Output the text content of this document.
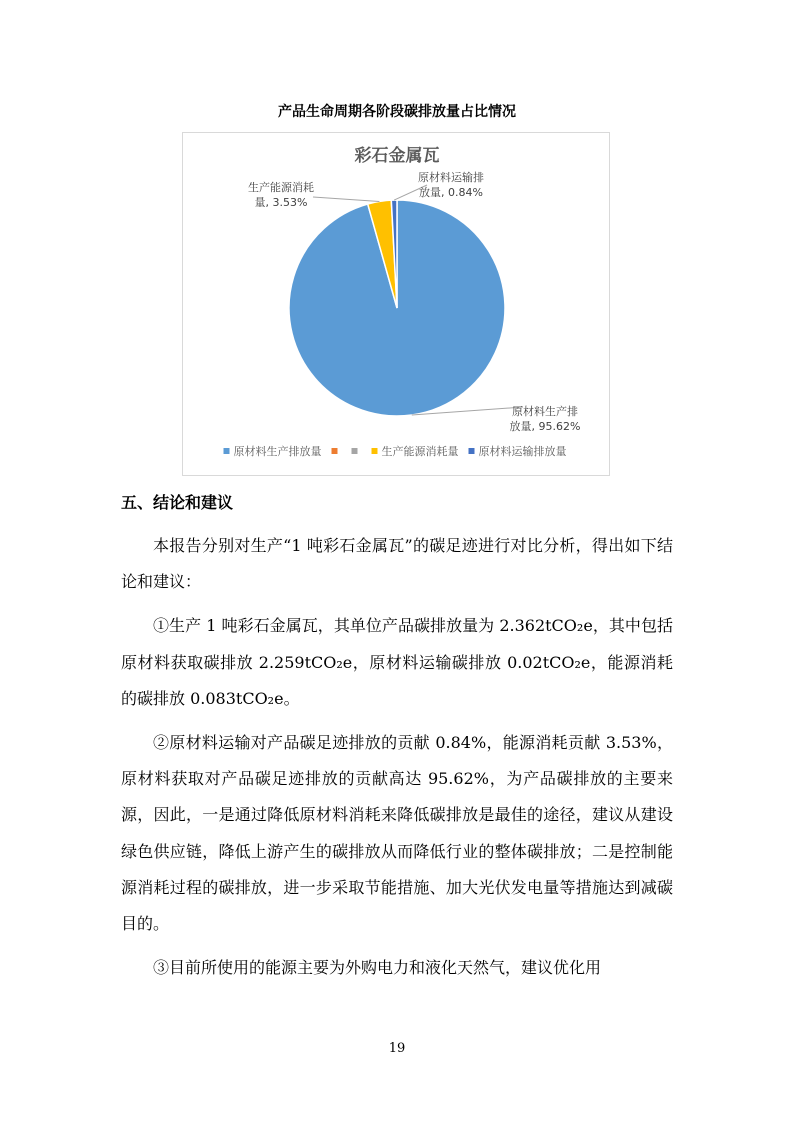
产品生命周期各阶段碳排放量占比情况
彩石金属瓦
原材料生产排放量, 95.62%
生产能源消耗量, 3.53%
原材料运输排放量, 0.84%
原材料生产排放量	生产能源消耗量 原材料运输排放量
五、结论和建议

本报告分别对生产“1 吨彩石金属瓦”的碳足迹进行对比分析，得出如下结论和建议：

①生产 1 吨彩石金属瓦，其单位产品碳排放量为 2.362tCO₂e，其中包括原材料获取碳排放 2.259tCO₂e，原材料运输碳排放 0.02tCO₂e，能源消耗的碳排放 0.083tCO₂e。

②原材料运输对产品碳足迹排放的贡献 0.84%，能源消耗贡献 3.53%，原材料获取对产品碳足迹排放的贡献高达 95.62%，为产品碳排放的主要来源，因此，一是通过降低原材料消耗来降低碳排放是最佳的途径，建议从建设绿色供应链，降低上游产生的碳排放从而降低行业的整体碳排放；二是控制能源消耗过程的碳排放，进一步采取节能措施、加大光伏发电量等措施达到减碳目的。

③目前所使用的能源主要为外购电力和液化天然气，建议优化用

19
